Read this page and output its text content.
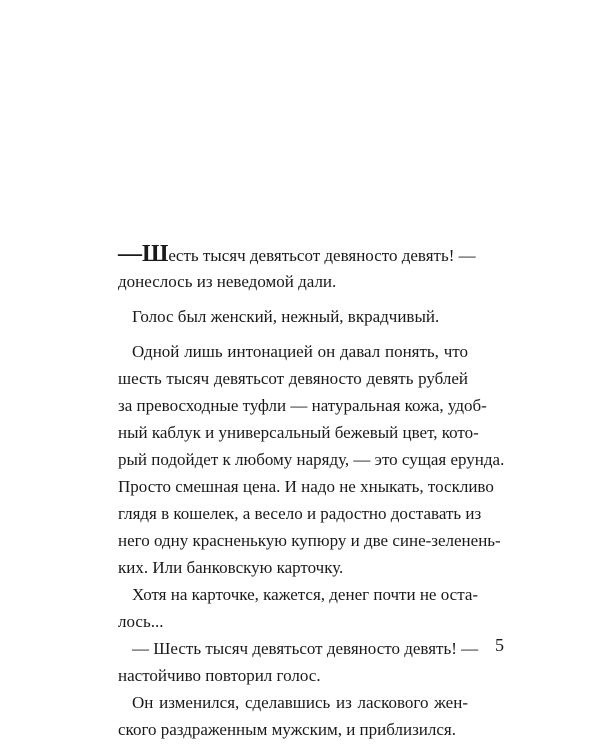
—Шecть тысяч девятьсот девяносто девять! —
донеслось из неведомой дали.
Голос был женский, нежный, вкрадчивый.
Одной лишь интонацией он давал понять, что
шесть тысяч девятьсот девяносто девять рублей
за превосходные туфли — натуральная кожа, удоб-
ный каблук и универсальный бежевый цвет, кото-
рый подойдет к любому наряду, — это сущая ерунда.
Просто смешная цена. И надо не хныкать, тоскливо
глядя в кошелек, а весело и радостно доставать из
него одну красненькую купюру и две сине-зеленень-
ких. Или банковскую карточку.
Хотя на карточке, кажется, денег почти не оста-
лось...
— Шесть тысяч девятьсот девяносто девять! —
настойчиво повторил голос.
Он изменился, сделавшись из ласкового жен-
ского раздраженным мужским, и приблизился.
5
